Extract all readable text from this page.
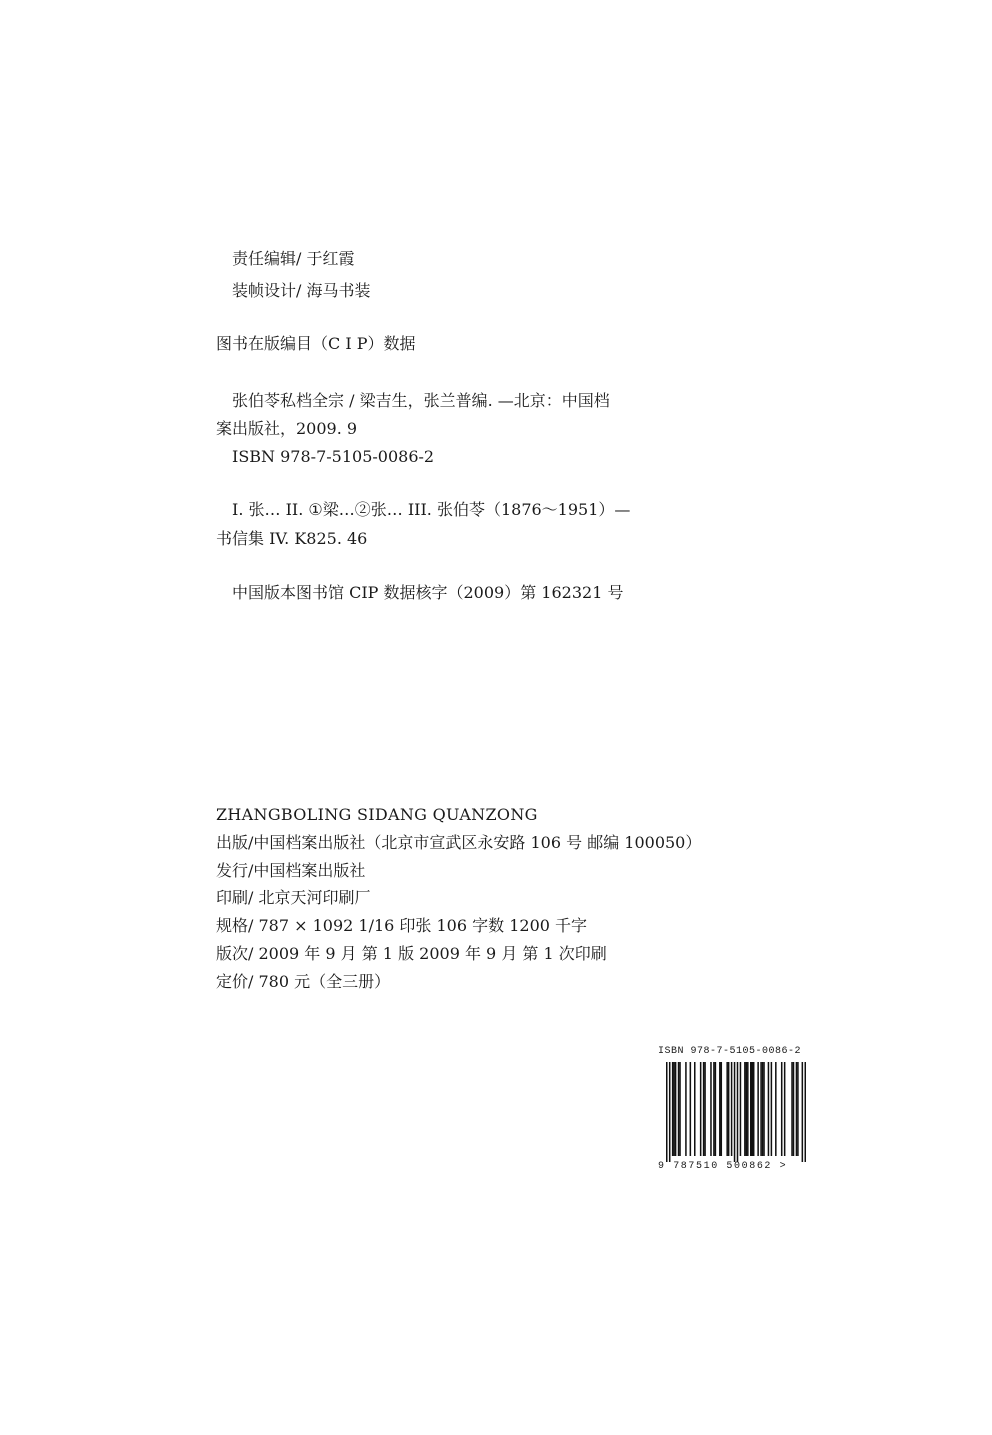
责任编辑/ 于红霞
装帧设计/ 海马书装
图书在版编目（C I P）数据
张伯苓私档全宗 / 梁吉生，张兰普编. —北京：中国档
案出版社，2009. 9
ISBN 978-7-5105-0086-2
I. 张… II. ①梁…②张… III. 张伯苓（1876～1951）—
书信集 IV. K825. 46
中国版本图书馆 CIP 数据核字（2009）第 162321 号
ZHANGBOLING SIDANG QUANZONG
出版/中国档案出版社（北京市宣武区永安路 106 号 邮编 100050）
发行/中国档案出版社
印刷/ 北京天河印刷厂
规格/ 787 × 1092 1/16 印张 106 字数 1200 千字
版次/ 2009 年 9 月 第 1 版 2009 年 9 月 第 1 次印刷
定价/ 780 元（全三册）
ISBN 978-7-5105-0086-2
9 787510 500862 >
